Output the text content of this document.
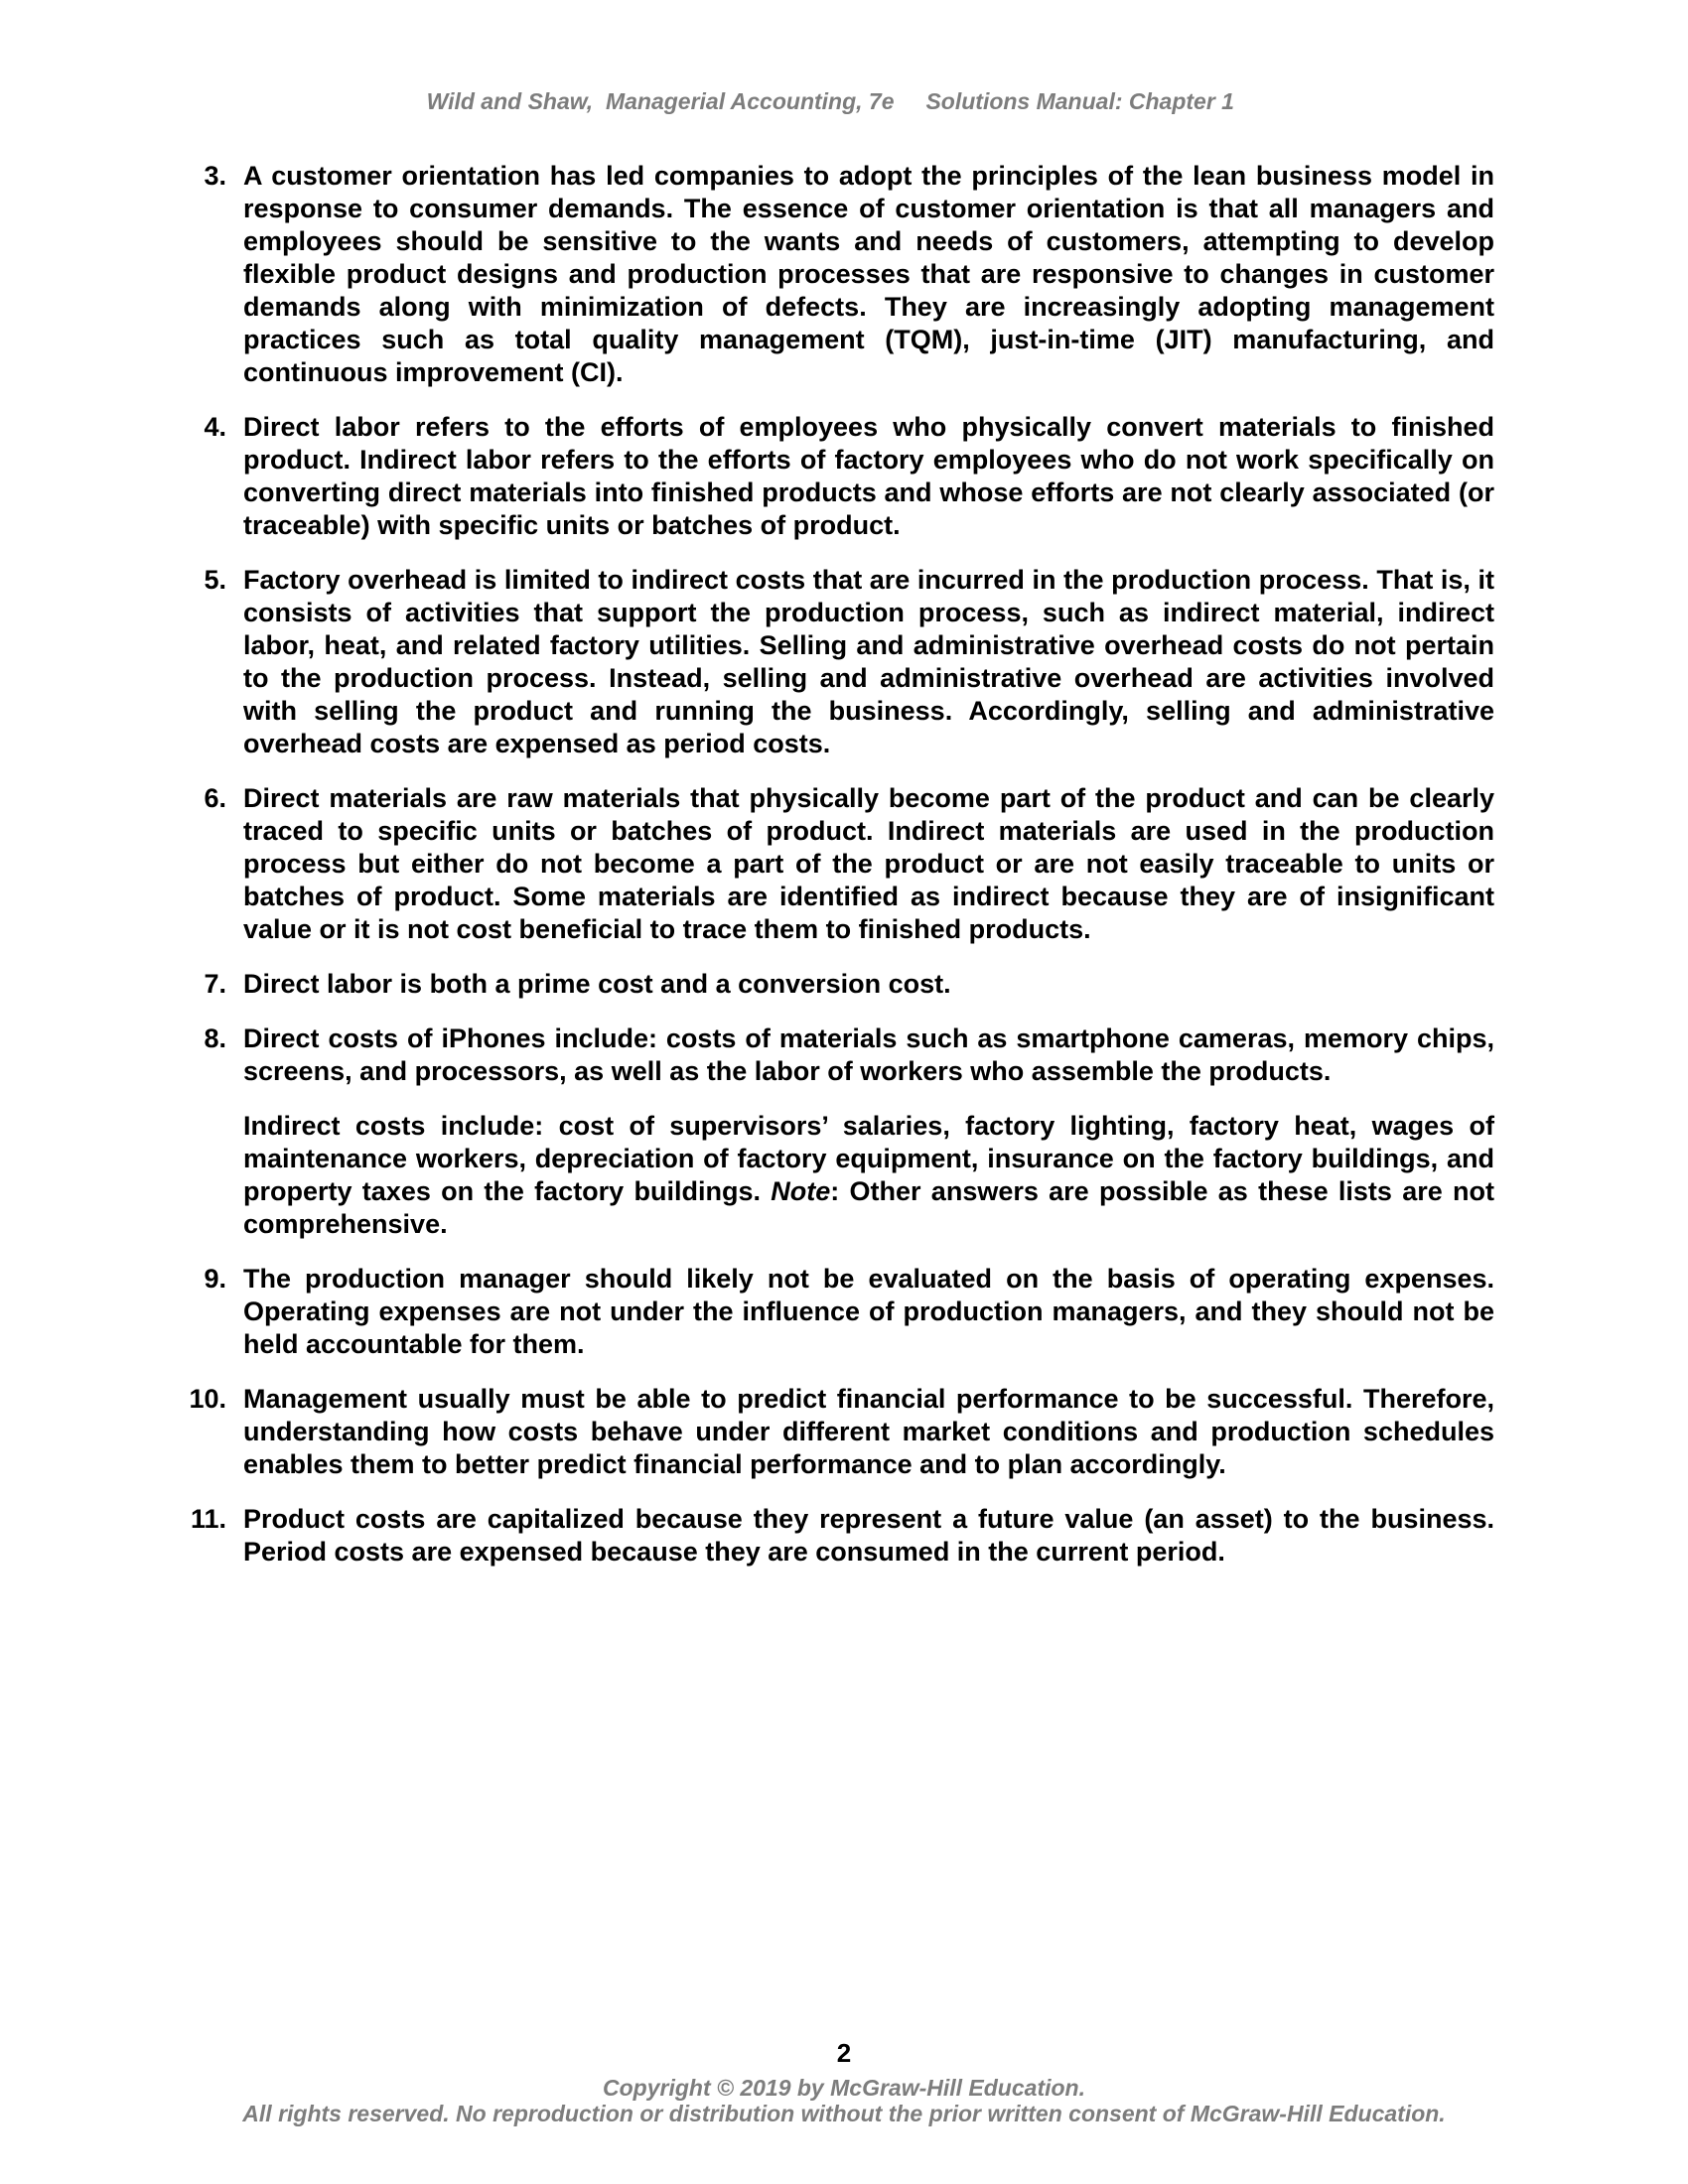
Wild and Shaw,  Managerial Accounting, 7e     Solutions Manual: Chapter 1

3. A customer orientation has led companies to adopt the principles of the lean business model in response to consumer demands. The essence of customer orientation is that all managers and employees should be sensitive to the wants and needs of customers, attempting to develop flexible product designs and production processes that are responsive to changes in customer demands along with minimization of defects. They are increasingly adopting management practices such as total quality management (TQM), just-in-time (JIT) manufacturing, and continuous improvement (CI).

4. Direct labor refers to the efforts of employees who physically convert materials to finished product. Indirect labor refers to the efforts of factory employees who do not work specifically on converting direct materials into finished products and whose efforts are not clearly associated (or traceable) with specific units or batches of product.

5. Factory overhead is limited to indirect costs that are incurred in the production process. That is, it consists of activities that support the production process, such as indirect material, indirect labor, heat, and related factory utilities. Selling and administrative overhead costs do not pertain to the production process. Instead, selling and administrative overhead are activities involved with selling the product and running the business. Accordingly, selling and administrative overhead costs are expensed as period costs.

6. Direct materials are raw materials that physically become part of the product and can be clearly traced to specific units or batches of product. Indirect materials are used in the production process but either do not become a part of the product or are not easily traceable to units or batches of product. Some materials are identified as indirect because they are of insignificant value or it is not cost beneficial to trace them to finished products.

7. Direct labor is both a prime cost and a conversion cost.

8. Direct costs of iPhones include: costs of materials such as smartphone cameras, memory chips, screens, and processors, as well as the labor of workers who assemble the products.

Indirect costs include: cost of supervisors’ salaries, factory lighting, factory heat, wages of maintenance workers, depreciation of factory equipment, insurance on the factory buildings, and property taxes on the factory buildings. Note: Other answers are possible as these lists are not comprehensive.

9. The production manager should likely not be evaluated on the basis of operating expenses. Operating expenses are not under the influence of production managers, and they should not be held accountable for them.

10. Management usually must be able to predict financial performance to be successful. Therefore, understanding how costs behave under different market conditions and production schedules enables them to better predict financial performance and to plan accordingly.

11. Product costs are capitalized because they represent a future value (an asset) to the business. Period costs are expensed because they are consumed in the current period.

2
Copyright © 2019 by McGraw-Hill Education.
All rights reserved. No reproduction or distribution without the prior written consent of McGraw-Hill Education.
